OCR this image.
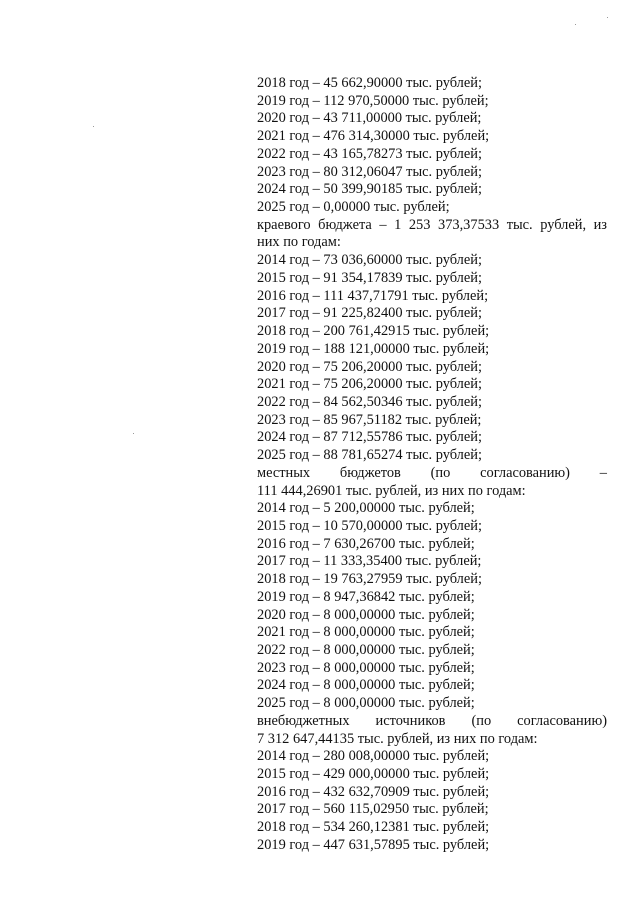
2018 год – 45 662,90000 тыс. рублей;
2019 год – 112 970,50000 тыс. рублей;
2020 год – 43 711,00000 тыс. рублей;
2021 год – 476 314,30000 тыс. рублей;
2022 год – 43 165,78273 тыс. рублей;
2023 год – 80 312,06047 тыс. рублей;
2024 год – 50 399,90185 тыс. рублей;
2025 год – 0,00000 тыс. рублей;
краевого бюджета – 1 253 373,37533 тыс. рублей, из
них по годам:
2014 год – 73 036,60000 тыс. рублей;
2015 год – 91 354,17839 тыс. рублей;
2016 год – 111 437,71791 тыс. рублей;
2017 год – 91 225,82400 тыс. рублей;
2018 год – 200 761,42915 тыс. рублей;
2019 год – 188 121,00000 тыс. рублей;
2020 год – 75 206,20000 тыс. рублей;
2021 год – 75 206,20000 тыс. рублей;
2022 год – 84 562,50346 тыс. рублей;
2023 год – 85 967,51182 тыс. рублей;
2024 год – 87 712,55786 тыс. рублей;
2025 год – 88 781,65274 тыс. рублей;
местных бюджетов (по согласованию) –
111 444,26901 тыс. рублей, из них по годам:
2014 год – 5 200,00000 тыс. рублей;
2015 год – 10 570,00000 тыс. рублей;
2016 год – 7 630,26700 тыс. рублей;
2017 год – 11 333,35400 тыс. рублей;
2018 год – 19 763,27959 тыс. рублей;
2019 год – 8 947,36842 тыс. рублей;
2020 год – 8 000,00000 тыс. рублей;
2021 год – 8 000,00000 тыс. рублей;
2022 год – 8 000,00000 тыс. рублей;
2023 год – 8 000,00000 тыс. рублей;
2024 год – 8 000,00000 тыс. рублей;
2025 год – 8 000,00000 тыс. рублей;
внебюджетных источников (по согласованию)
7 312 647,44135 тыс. рублей, из них по годам:
2014 год – 280 008,00000 тыс. рублей;
2015 год – 429 000,00000 тыс. рублей;
2016 год – 432 632,70909 тыс. рублей;
2017 год – 560 115,02950 тыс. рублей;
2018 год – 534 260,12381 тыс. рублей;
2019 год – 447 631,57895 тыс. рублей;
